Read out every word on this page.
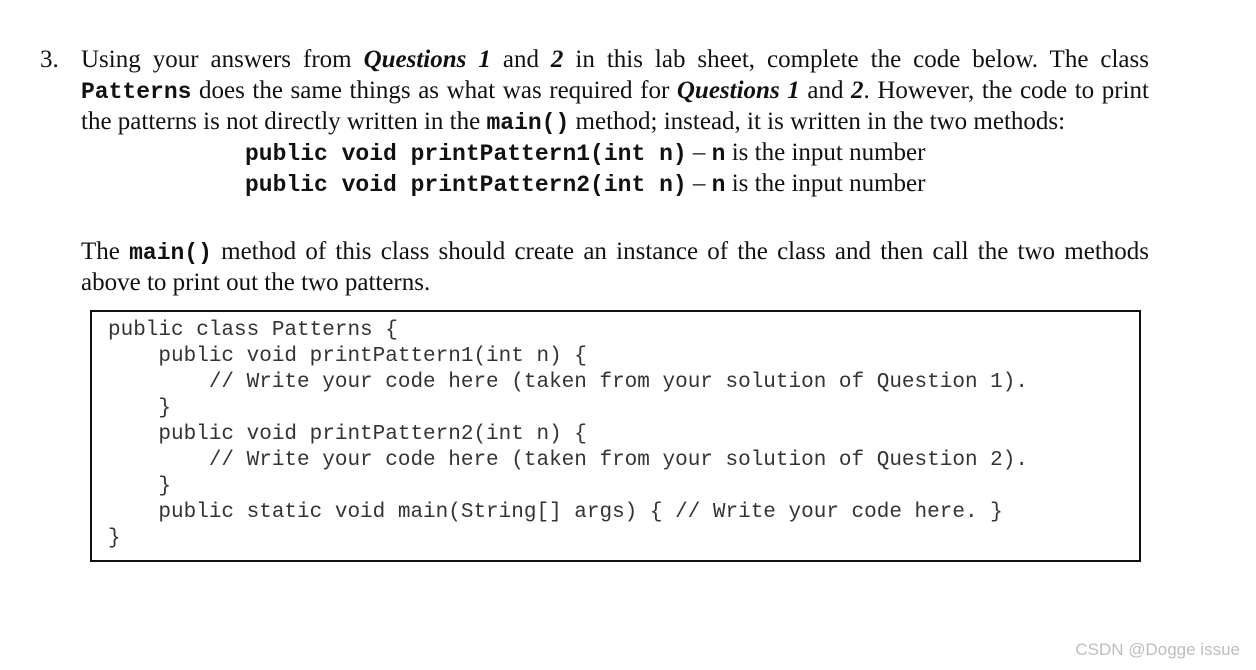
3. Using your answers from Questions 1 and 2 in this lab sheet, complete the code below. The class
Patterns does the same things as what was required for Questions 1 and 2. However, the code to print
the patterns is not directly written in the main() method; instead, it is written in the two methods:
public void printPattern1(int n) – n is the input number
public void printPattern2(int n) – n is the input number
The main() method of this class should create an instance of the class and then call the two methods
above to print out the two patterns.
public class Patterns {
public void printPattern1(int n) {
// Write your code here (taken from your solution of Question 1).
}
public void printPattern2(int n) {
// Write your code here (taken from your solution of Question 2).
}
public static void main(String[] args) { // Write your code here. }
}
CSDN @Dogge issue
